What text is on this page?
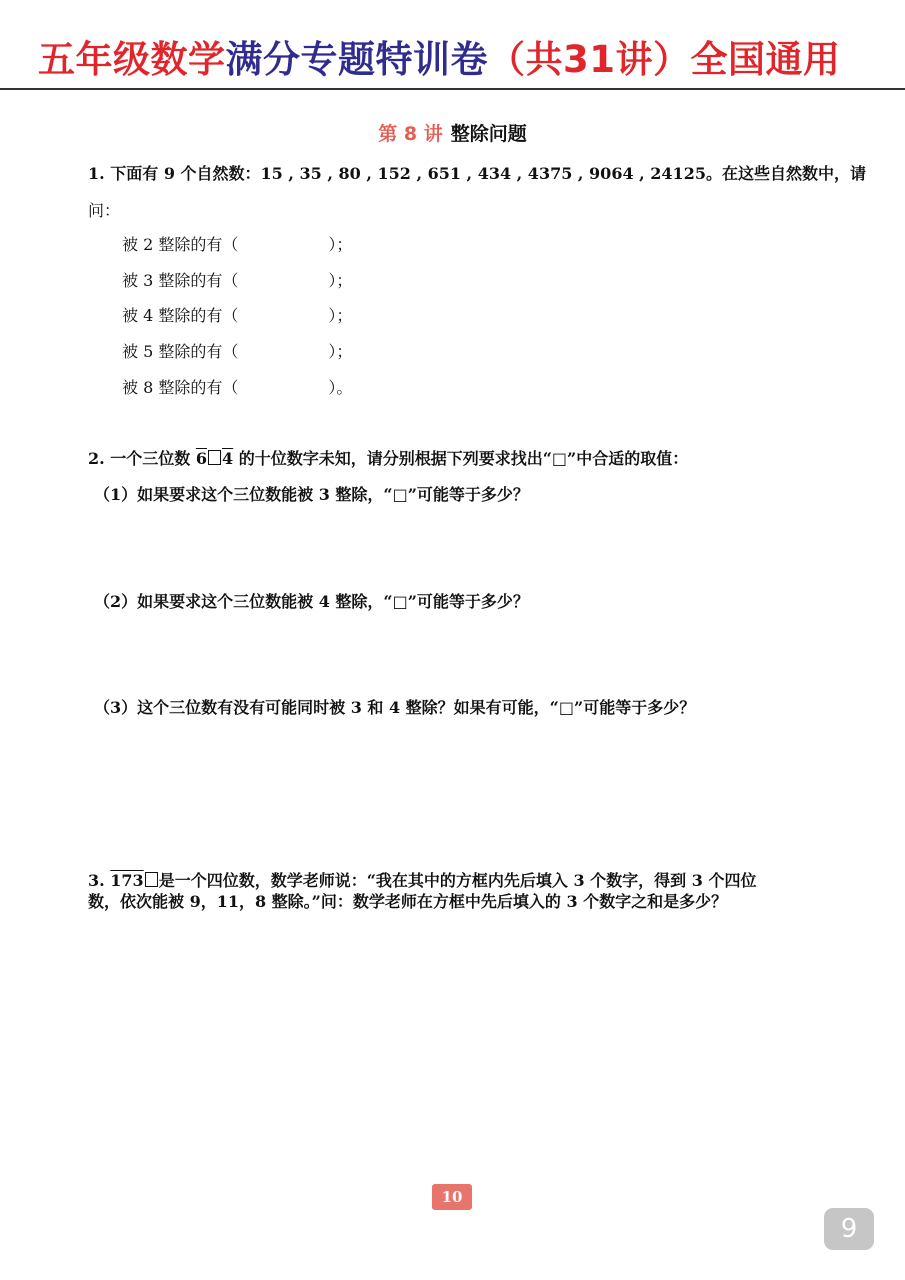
五年级数学满分专题特训卷（共31讲）全国通用
第 8 讲 整除问题
1. 下面有 9 个自然数：15 , 35 , 80 , 152 , 651 , 434 , 4375 , 9064 , 24125。在这些自然数中，请
问：
被 2 整除的有（	）；
被 3 整除的有（	）；
被 4 整除的有（	）；
被 5 整除的有（	）；
被 8 整除的有（	）。
2. 一个三位数 6 4 的十位数字未知，请分别根据下列要求找出“□”中合适的取值：
（1）如果要求这个三位数能被 3 整除，“□”可能等于多少？
（2）如果要求这个三位数能被 4 整除，“□”可能等于多少？
（3）这个三位数有没有可能同时被 3 和 4 整除？如果有可能，“□”可能等于多少？
3. 173 是一个四位数，数学老师说：“我在其中的方框内先后填入 3 个数字，得到 3 个四位
数，依次能被 9，11，8 整除。”问：数学老师在方框中先后填入的 3 个数字之和是多少？
10
9
